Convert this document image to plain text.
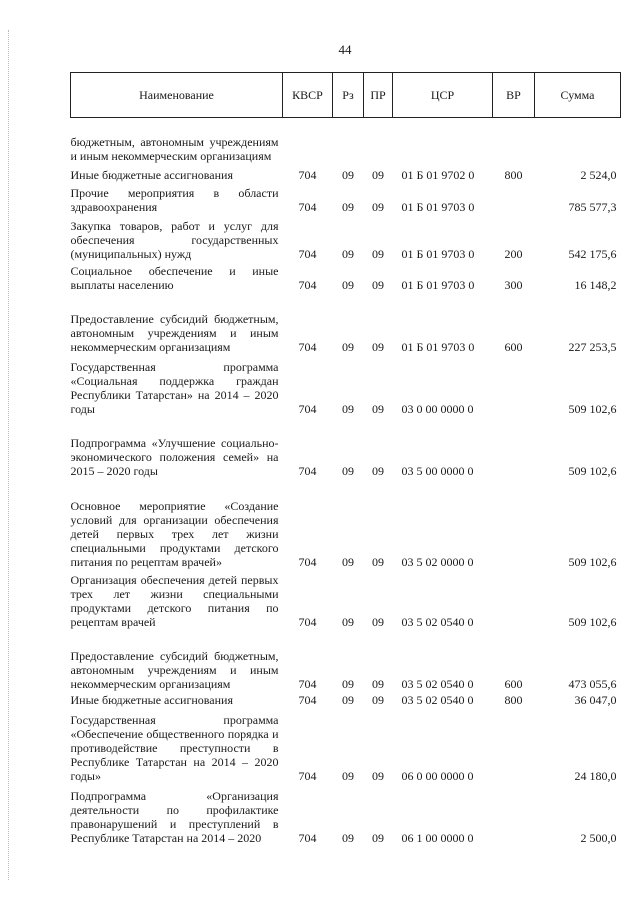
44
Наименование	КВСР	Рз	ПР	ЦСР	ВР	Сумма
бюджетным, автономным учреждениям и иным некоммерческим организациям						
Иные бюджетные ассигнования	704	09	09	01 Б 01 9702 0	800	2 524,0
Прочие мероприятия в области здравоохранения	704	09	09	01 Б 01 9703 0		785 577,3
Закупка товаров, работ и услуг для обеспечения государственных (муниципальных) нужд	704	09	09	01 Б 01 9703 0	200	542 175,6
Социальное обеспечение и иные выплаты населению	704	09	09	01 Б 01 9703 0	300	16 148,2
Предоставление субсидий бюджетным, автономным учреждениям и иным некоммерческим организациям	704	09	09	01 Б 01 9703 0	600	227 253,5
Государственная программа «Социальная поддержка граждан Республики Татарстан» на 2014 – 2020 годы	704	09	09	03 0 00 0000 0		509 102,6
Подпрограмма «Улучшение социально-экономического положения семей» на 2015 – 2020 годы	704	09	09	03 5 00 0000 0		509 102,6
Основное мероприятие «Создание условий для организации обеспечения детей первых трех лет жизни специальными продуктами детского питания по рецептам врачей»	704	09	09	03 5 02 0000 0		509 102,6
Организация обеспечения детей первых трех лет жизни специальными продуктами детского питания по рецептам врачей	704	09	09	03 5 02 0540 0		509 102,6
Предоставление субсидий бюджетным, автономным учреждениям и иным некоммерческим организациям	704	09	09	03 5 02 0540 0	600	473 055,6
Иные бюджетные ассигнования	704	09	09	03 5 02 0540 0	800	36 047,0
Государственная программа «Обеспечение общественного порядка и противодействие преступности в Республике Татарстан на 2014 – 2020 годы»	704	09	09	06 0 00 0000 0		24 180,0
Подпрограмма «Организация деятельности по профилактике правонарушений и преступлений в Республике Татарстан на 2014 – 2020	704	09	09	06 1 00 0000 0		2 500,0
